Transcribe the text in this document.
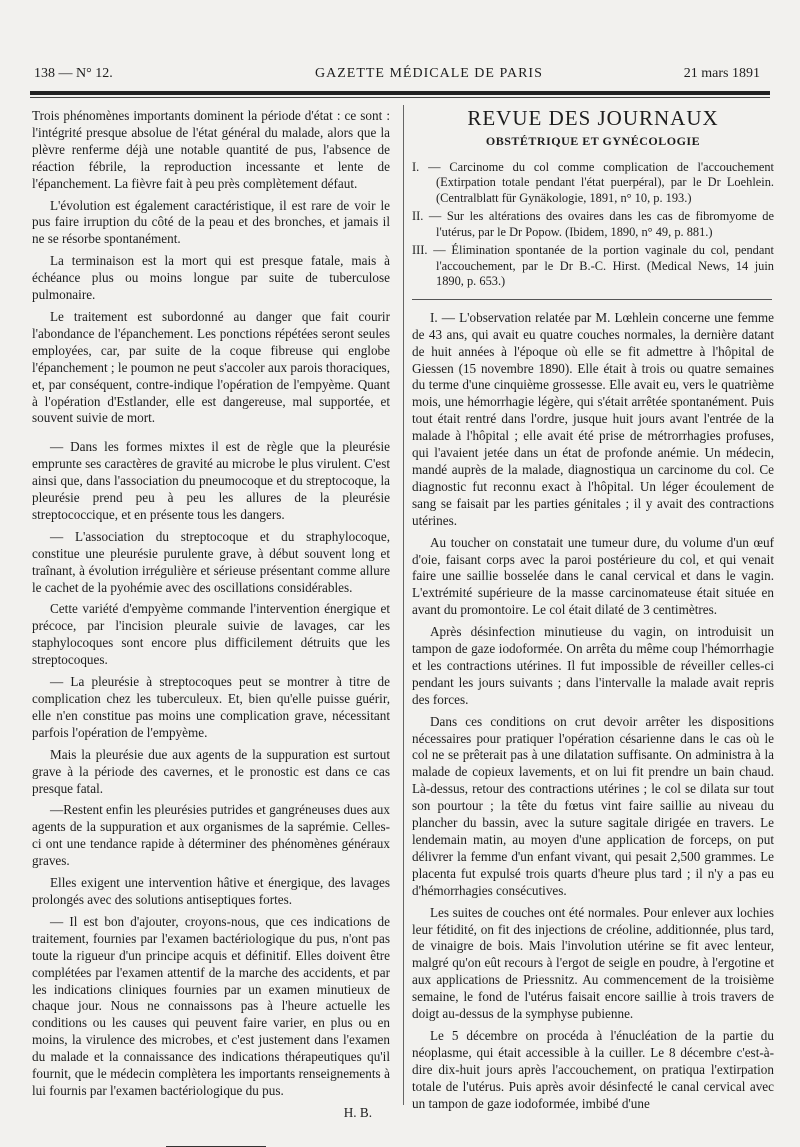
138 — N° 12.	GAZETTE MÉDICALE DE PARIS	21 mars 1891

Trois phénomènes importants dominent la période d'état : ce sont : l'intégrité presque absolue de l'état général du malade, alors que la plèvre renferme déjà une notable quantité de pus, l'absence de réaction fébrile, la reproduction incessante et lente de l'épanchement. La fièvre fait à peu près complètement défaut.

L'évolution est également caractéristique, il est rare de voir le pus faire irruption du côté de la peau et des bronches, et jamais il ne se résorbe spontanément.

La terminaison est la mort qui est presque fatale, mais à échéance plus ou moins longue par suite de tuberculose pulmonaire.

Le traitement est subordonné au danger que fait courir l'abondance de l'épanchement. Les ponctions répétées seront seules employées, car, par suite de la coque fibreuse qui englobe l'épanchement ; le poumon ne peut s'accoler aux parois thoraciques, et, par conséquent, contre-indique l'opération de l'empyème. Quant à l'opération d'Estlander, elle est dangereuse, mal supportée, et souvent suivie de mort.

— Dans les formes mixtes il est de règle que la pleurésie emprunte ses caractères de gravité au microbe le plus virulent. C'est ainsi que, dans l'association du pneumocoque et du streptocoque, la pleurésie prend peu à peu les allures de la pleurésie streptococcique, et en présente tous les dangers.

— L'association du streptocoque et du straphylocoque, constitue une pleurésie purulente grave, à début souvent long et traînant, à évolution irrégulière et sérieuse présentant comme allure le cachet de la pyohémie avec des oscillations considérables.

Cette variété d'empyème commande l'intervention énergique et précoce, par l'incision pleurale suivie de lavages, car les staphylocoques sont encore plus difficilement détruits que les streptocoques.

— La pleurésie à streptocoques peut se montrer à titre de complication chez les tuberculeux. Et, bien qu'elle puisse guérir, elle n'en constitue pas moins une complication grave, nécessitant parfois l'opération de l'empyème.

Mais la pleurésie due aux agents de la suppuration est surtout grave à la période des cavernes, et le pronostic est dans ce cas presque fatal.

—Restent enfin les pleurésies putrides et gangréneuses dues aux agents de la suppuration et aux organismes de la saprémie. Celles-ci ont une tendance rapide à déterminer des phénomènes généraux graves.

Elles exigent une intervention hâtive et énergique, des lavages prolongés avec des solutions antiseptiques fortes.

— Il est bon d'ajouter, croyons-nous, que ces indications de traitement, fournies par l'examen bactériologique du pus, n'ont pas toute la rigueur d'un principe acquis et définitif. Elles doivent être complétées par l'examen attentif de la marche des accidents, et par les indications cliniques fournies par un examen minutieux de chaque jour. Nous ne connaissons pas à l'heure actuelle les conditions ou les causes qui peuvent faire varier, en plus ou en moins, la virulence des microbes, et c'est justement dans l'examen du malade et la connaissance des indications thérapeutiques qu'il fournit, que le médecin complètera les importants renseignements à lui fournis par l'examen bactériologique du pus.

H. B.
REVUE DES JOURNAUX
OBSTÉTRIQUE ET GYNÉCOLOGIE
I. — Carcinome du col comme complication de l'accouchement (Extirpation totale pendant l'état puerpéral), par le Dr Loehlein. (Centralblatt für Gynäkologie, 1891, n° 10, p. 193.)
II. — Sur les altérations des ovaires dans les cas de fibromyome de l'utérus, par le Dr Popow. (Ibidem, 1890, n° 49, p. 881.)
III. — Élimination spontanée de la portion vaginale du col, pendant l'accouchement, par le Dr B.-C. Hirst. (Medical News, 14 juin 1890, p. 653.)

I. — L'observation relatée par M. Lœhlein concerne une femme de 43 ans, qui avait eu quatre couches normales, la dernière datant de huit années à l'époque où elle se fit admettre à l'hôpital de Giessen (15 novembre 1890). Elle était à trois ou quatre semaines du terme d'une cinquième grossesse. Elle avait eu, vers le quatrième mois, une hémorrhagie légère, qui s'était arrêtée spontanément. Puis tout était rentré dans l'ordre, jusque huit jours avant l'entrée de la malade à l'hôpital ; elle avait été prise de métrorrhagies profuses, qui l'avaient jetée dans un état de profonde anémie. Un médecin, mandé auprès de la malade, diagnostiqua un carcinome du col. Ce diagnostic fut reconnu exact à l'hôpital. Un léger écoulement de sang se faisait par les parties génitales ; il y avait des contractions utérines.

Au toucher on constatait une tumeur dure, du volume d'un œuf d'oie, faisant corps avec la paroi postérieure du col, et qui venait faire une saillie bosselée dans le canal cervical et dans le vagin. L'extrémité supérieure de la masse carcinomateuse était située en avant du promontoire. Le col était dilaté de 3 centimètres.

Après désinfection minutieuse du vagin, on introduisit un tampon de gaze iodoformée. On arrêta du même coup l'hémorrhagie et les contractions utérines. Il fut impossible de réveiller celles-ci pendant les jours suivants ; dans l'intervalle la malade avait repris des forces.

Dans ces conditions on crut devoir arrêter les dispositions nécessaires pour pratiquer l'opération césarienne dans le cas où le col ne se prêterait pas à une dilatation suffisante. On administra à la malade de copieux lavements, et on lui fit prendre un bain chaud. Là-dessus, retour des contractions utérines ; le col se dilata sur tout son pourtour ; la tête du fœtus vint faire saillie au niveau du plancher du bassin, avec la suture sagitale dirigée en travers. Le lendemain matin, au moyen d'une application de forceps, on put délivrer la femme d'un enfant vivant, qui pesait 2,500 grammes. Le placenta fut expulsé trois quarts d'heure plus tard ; il n'y a pas eu d'hémorrhagies consécutives.

Les suites de couches ont été normales. Pour enlever aux lochies leur fétidité, on fit des injections de créoline, additionnée, plus tard, de vinaigre de bois. Mais l'involution utérine se fit avec lenteur, malgré qu'on eût recours à l'ergot de seigle en poudre, à l'ergotine et aux applications de Priessnitz. Au commencement de la troisième semaine, le fond de l'utérus faisait encore saillie à trois travers de doigt au-dessus de la symphyse pubienne.

Le 5 décembre on procéda à l'énucléation de la partie du néoplasme, qui était accessible à la cuiller. Le 8 décembre c'est-à-dire dix-huit jours après l'accouchement, on pratiqua l'extirpation totale de l'utérus. Puis après avoir désinfecté le canal cervical avec un tampon de gaze iodoformée, imbibé d'une
